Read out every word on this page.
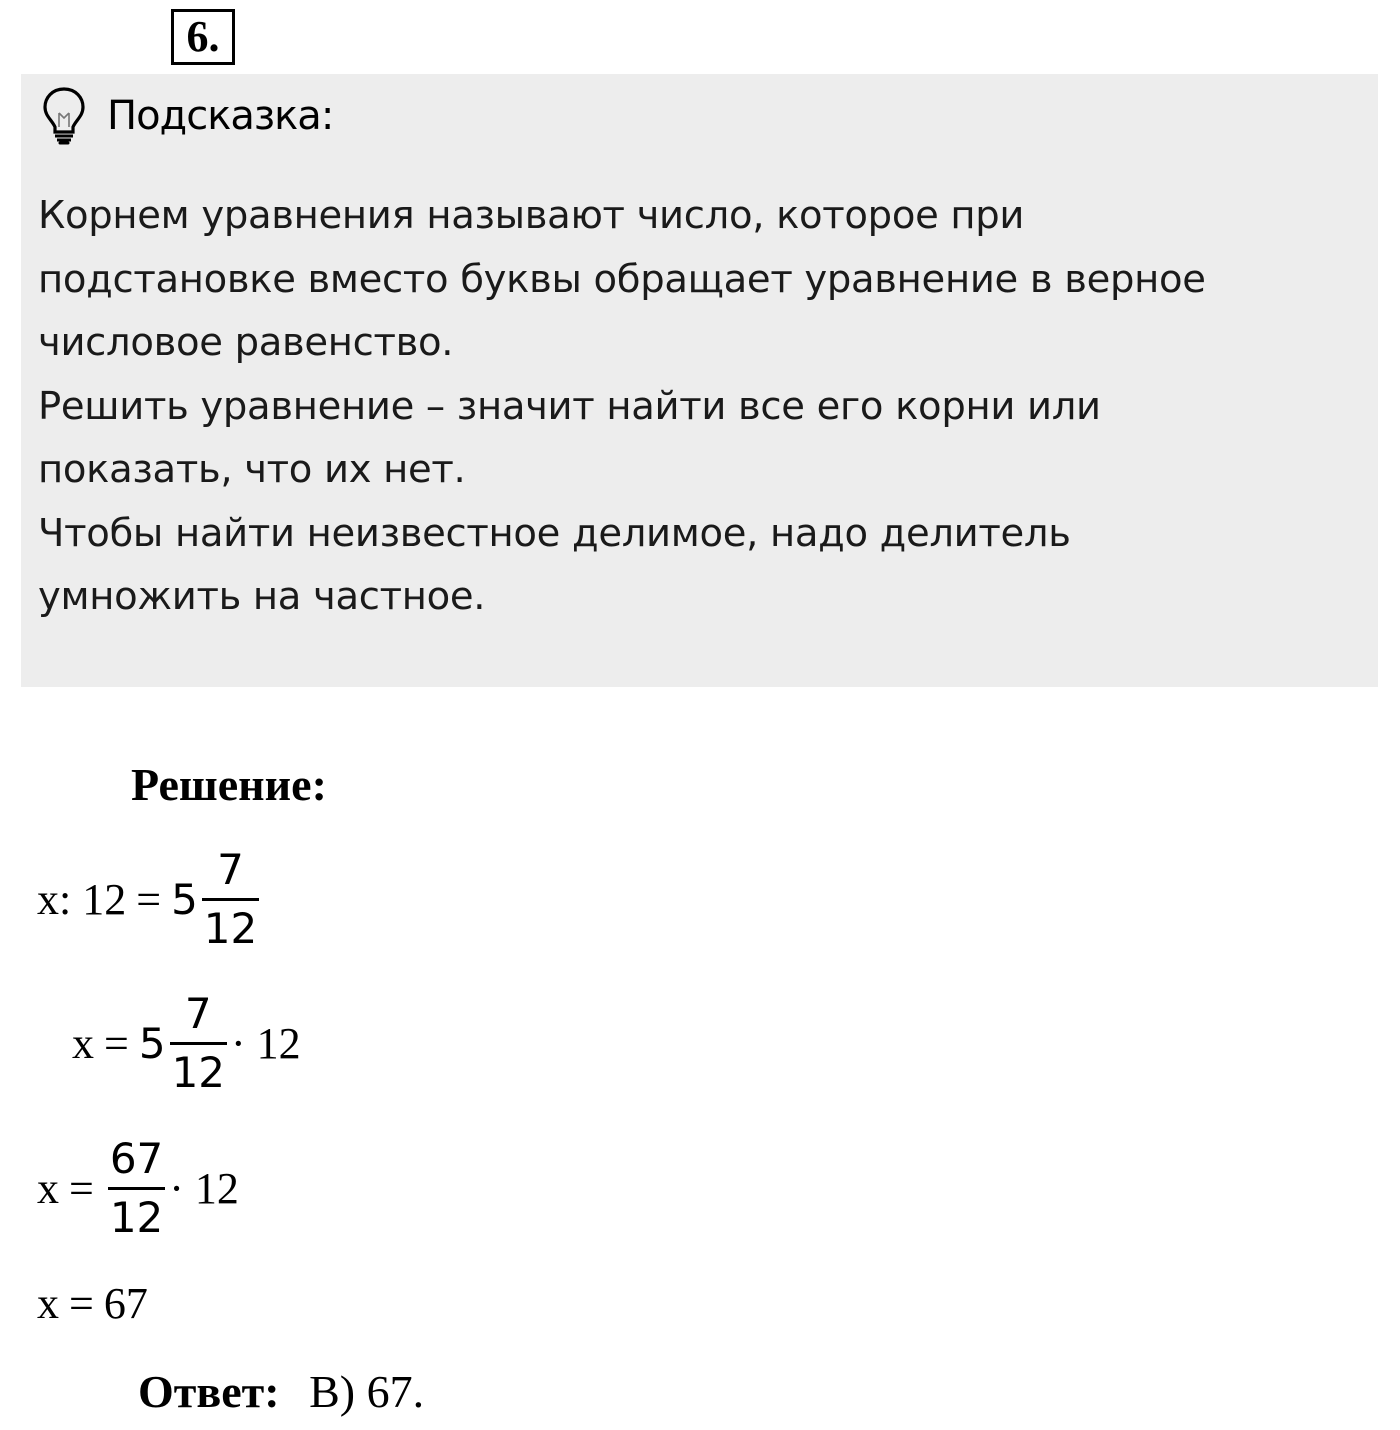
6.
Подсказка:
Корнем уравнения называют число, которое при
подстановке вместо буквы обращает уравнение в верное
числовое равенство.
Решить уравнение – значит найти все его корни или
показать, что их нет.
Чтобы найти неизвестное делимое, надо делитель
умножить на частное.
Решение:
x: $12 = 5 \frac{7}{12}$
$x = 5 \frac{7}{12} \cdot 12$
$x = \frac{67}{12} \cdot 12$
x = 67
Ответ: В) 67.
